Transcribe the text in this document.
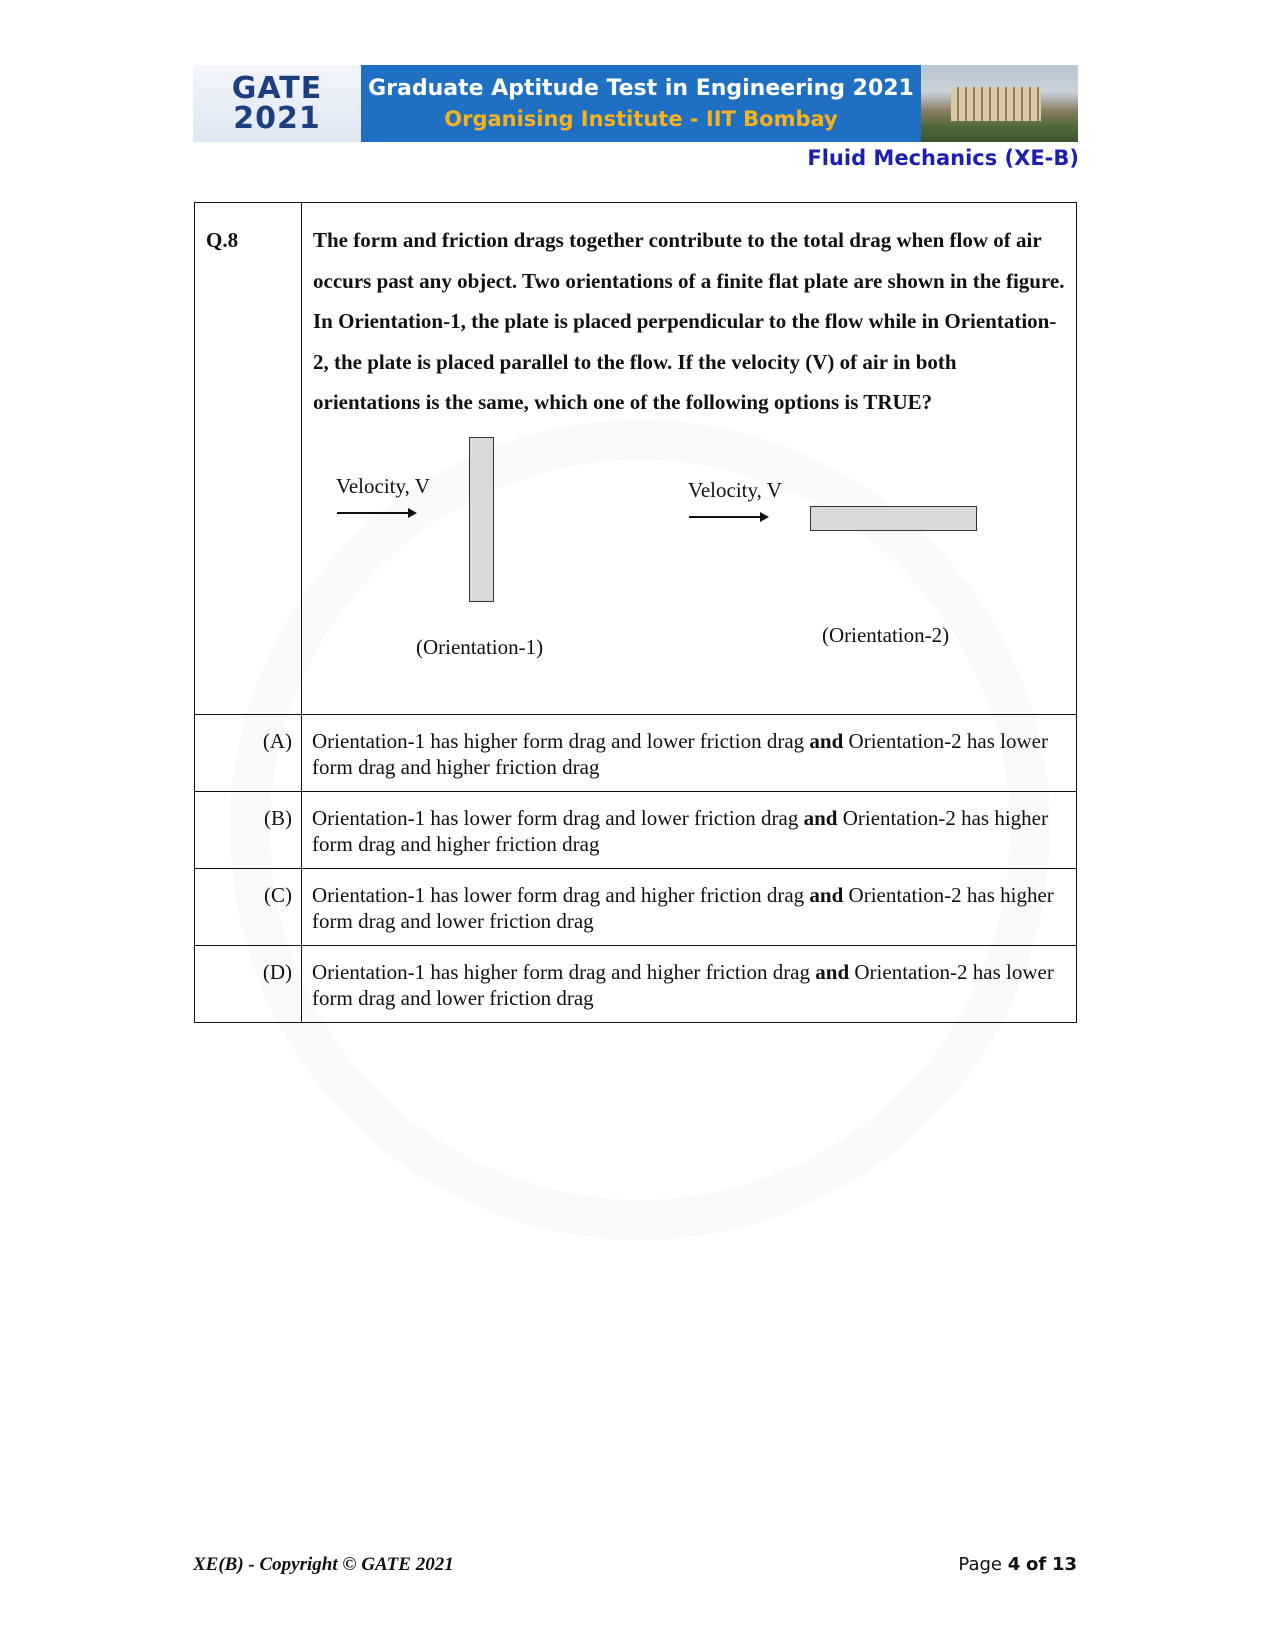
GATE
2021
Graduate Aptitude Test in Engineering 2021
Organising Institute - IIT Bombay
Fluid Mechanics (XE-B)
Q.8	The form and friction drags together contribute to the total drag when flow of air occurs past any object. Two orientations of a finite flat plate are shown in the figure. In Orientation-1, the plate is placed perpendicular to the flow while in Orientation-2, the plate is placed parallel to the flow. If the velocity (V) of air in both orientations is the same, which one of the following options is TRUE?
Velocity, V
(Orientation-1)
Velocity, V
(Orientation-2)

(A)	Orientation-1 has higher form drag and lower friction drag and Orientation-2 has lower form drag and higher friction drag
(B)	Orientation-1 has lower form drag and lower friction drag and Orientation-2 has higher form drag and higher friction drag
(C)	Orientation-1 has lower form drag and higher friction drag and Orientation-2 has higher form drag and lower friction drag
(D)	Orientation-1 has higher form drag and higher friction drag and Orientation-2 has lower form drag and lower friction drag
XE(B) - Copyright © GATE 2021	Page 4 of 13
